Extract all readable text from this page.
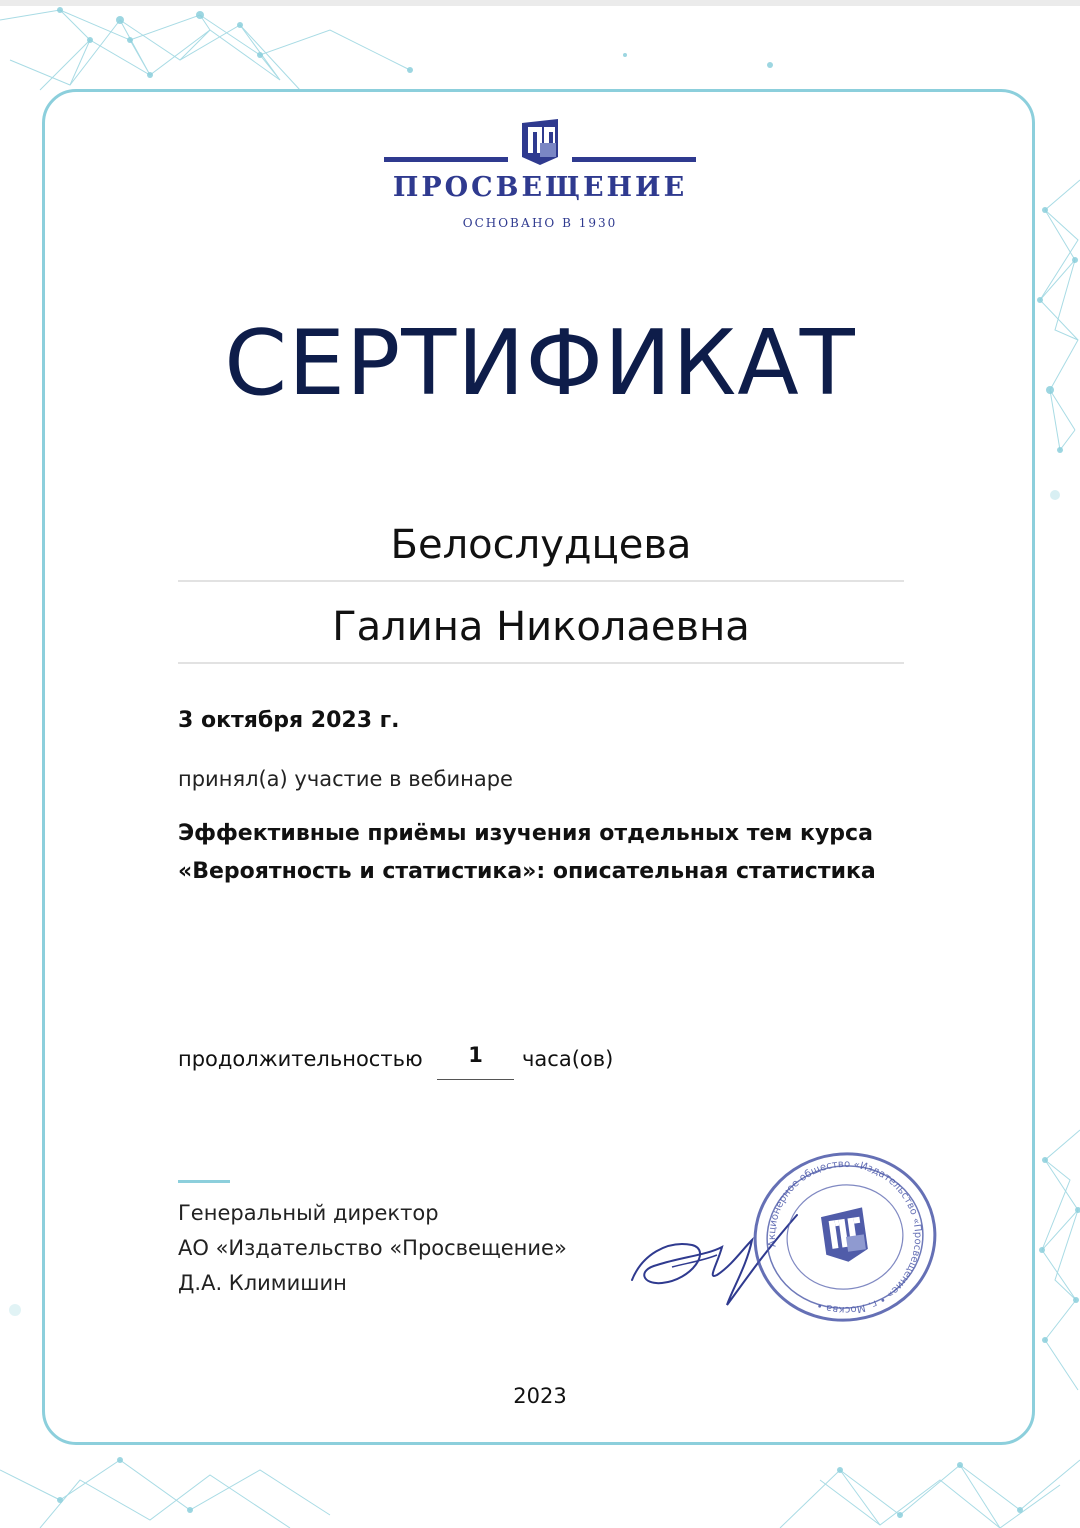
ПРОСВЕЩЕНИЕ
ОСНОВАНО В 1930
СЕРТИФИКАТ
Белослудцева
Галина Николаевна
3 октября 2023 г.
принял(а) участие в вебинаре
Эффективные приёмы изучения отдельных тем курса «Вероятность и статистика»: описательная статистика
продолжительностью	1	часа(ов)
Генеральный директор
АО «Издательство «Просвещение»
Д.А. Климишин
Акционерное общество «Издательство «Просвещение» • г. Москва •
2023
